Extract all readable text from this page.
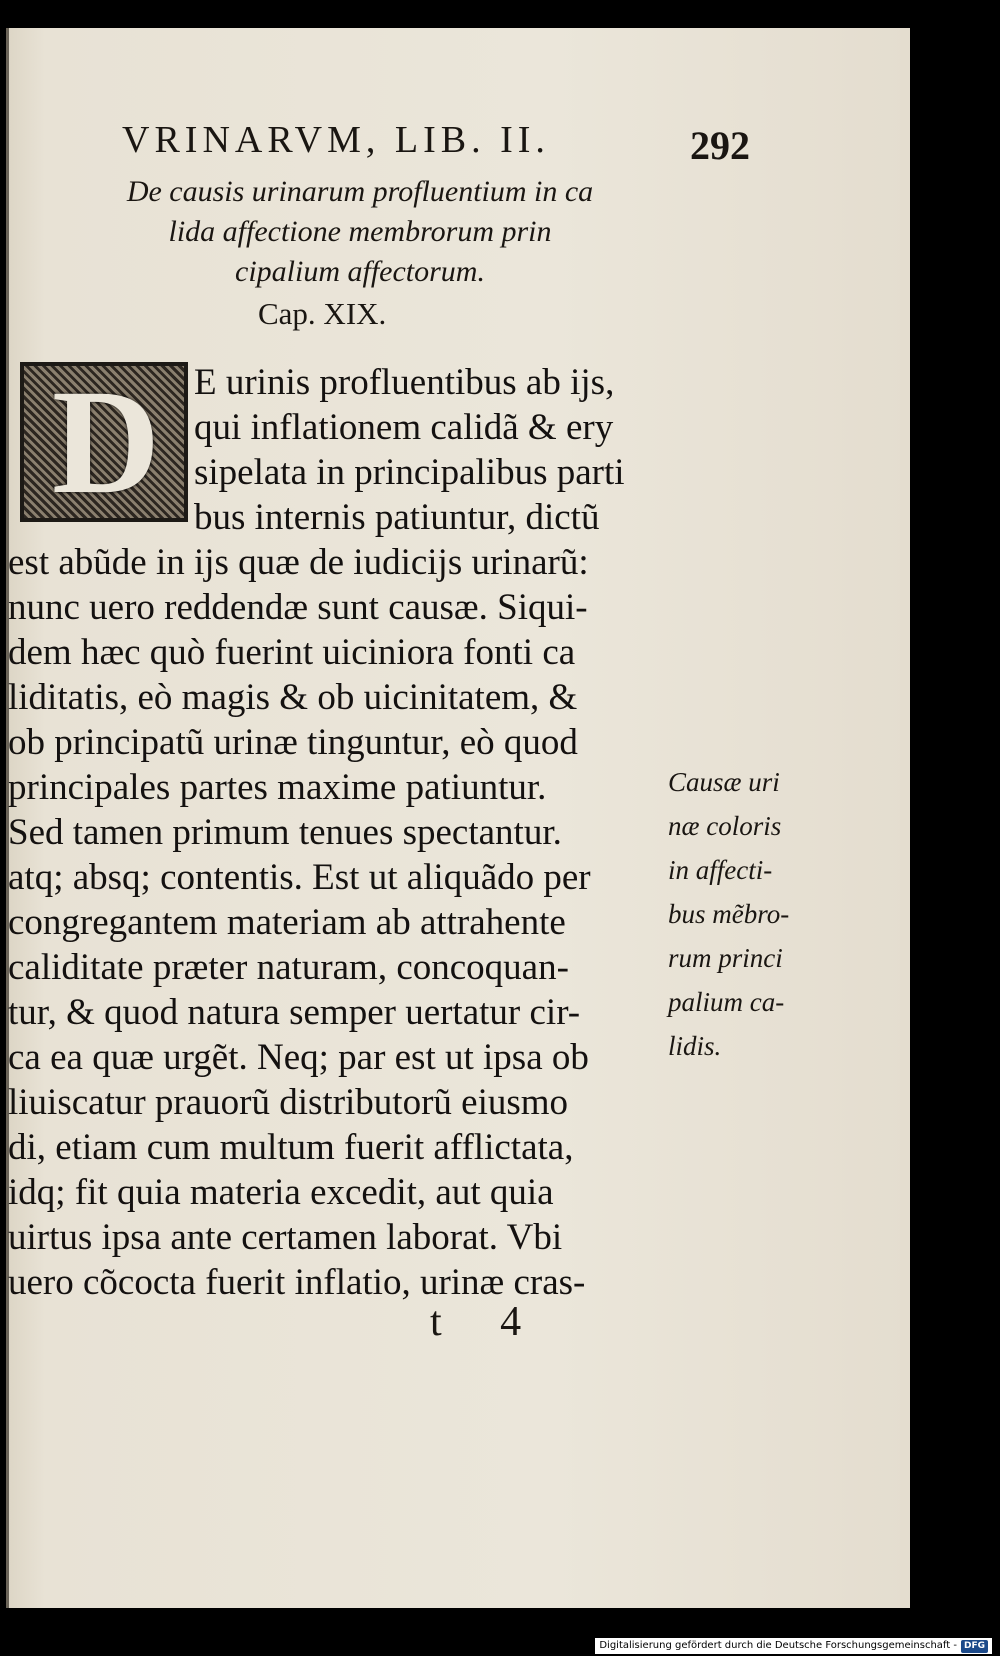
VRINARVM, LIB. II.	292
De causis urinarum profluentium in ca
lida affectione membrorum prin
cipalium affectorum.
Cap. XIX.
D E urinis profluentibus ab ijs,
qui inflationem calidã & ery
sipelata in principalibus parti
bus internis patiuntur, dictũ
est abũde in ijs quæ de iudicijs urinarũ:
nunc uero reddendæ sunt causæ. Siqui-
dem hæc quò fuerint uiciniora fonti ca
liditatis, eò magis & ob uicinitatem, &
ob principatũ urinæ tinguntur, eò quod
principales partes maxime patiuntur.
Sed tamen primum tenues spectantur.
atq; absq; contentis. Est ut aliquãdo per
congregantem materiam ab attrahente
caliditate præter naturam, concoquan-
tur, & quod natura semper uertatur cir-
ca ea quæ urgẽt. Neq; par est ut ipsa ob
liuiscatur prauorũ distributorũ eiusmo
di, etiam cum multum fuerit afflictata,
idq; fit quia materia excedit, aut quia
uirtus ipsa ante certamen laborat. Vbi
uero cõcocta fuerit inflatio, urinæ cras-
Causæ uri
næ coloris
in affecti-
bus mẽbro-
rum princi
palium ca-
lidis.
t 4
Digitalisierung gefördert durch die Deutsche Forschungsgemeinschaft - DFG
